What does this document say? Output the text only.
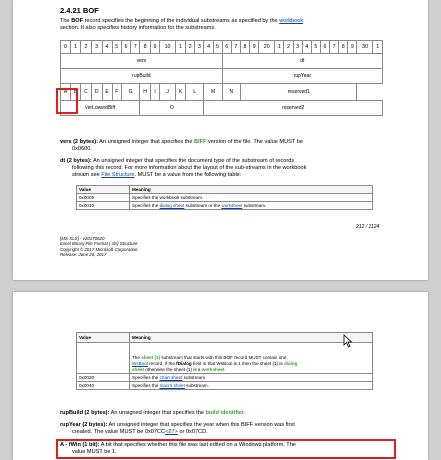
2.4.21 BOF
The BOF record specifies the beginning of the individual substreams as specified by the workbook
section. It also specifies history information for the substreams.
0	1	2	3	4	5	6	7	8	9	10	1	2	3	4	5	6	7	8	9	20	1	2	3	4	5	6	7	8	9	30	1
vers																dt															
rupBuild																rupYear															
A	B	C	D	E	F	G		H	I	J	K	L		M		N		reserved1													
verLowestBiff								O						reserved2																	
vers (2 bytes): An unsigned integer that specifies the BIFF version of the file. The value MUST be
0x0600.
dt (2 bytes): An unsigned integer that specifies the document type of the substream of records
following this record. For more information about the layout of the sub-streams in the workbook
stream see File Structure. MUST be a value from the following table:
Value	Meaning
0x0005	Specifies the workbook substream.
0x0010	Specifies the dialog sheet substream or the worksheet substream.
212 / 1124
[MS-XLS] - v20170620
Excel Binary File Format (.xls) Structure
Copyright © 2017 Microsoft Corporation
Release: June 20, 2017
Value	Meaning
	The sheet (1) substream that starts with this BOF record MUST contain one
WsBool record. If the fDialog field in that WsBool is 1 then the sheet (1) is dialog
sheet otherwise the sheet (1) is a worksheet.
0x0020	Specifies the chart sheet substream.
0x0040	Specifies the macro sheet substream.
rupBuild (2 bytes): An unsigned integer that specifies the build identifier.
rupYear (2 bytes): An unsigned integer that specifies the year when this BIFF version was first
created. The value MUST be 0x07CC<27> or 0x07CD.
A - fWin (1 bit): A bit that specifies whether this file was last edited on a Windows platform. The
value MUST be 1.
